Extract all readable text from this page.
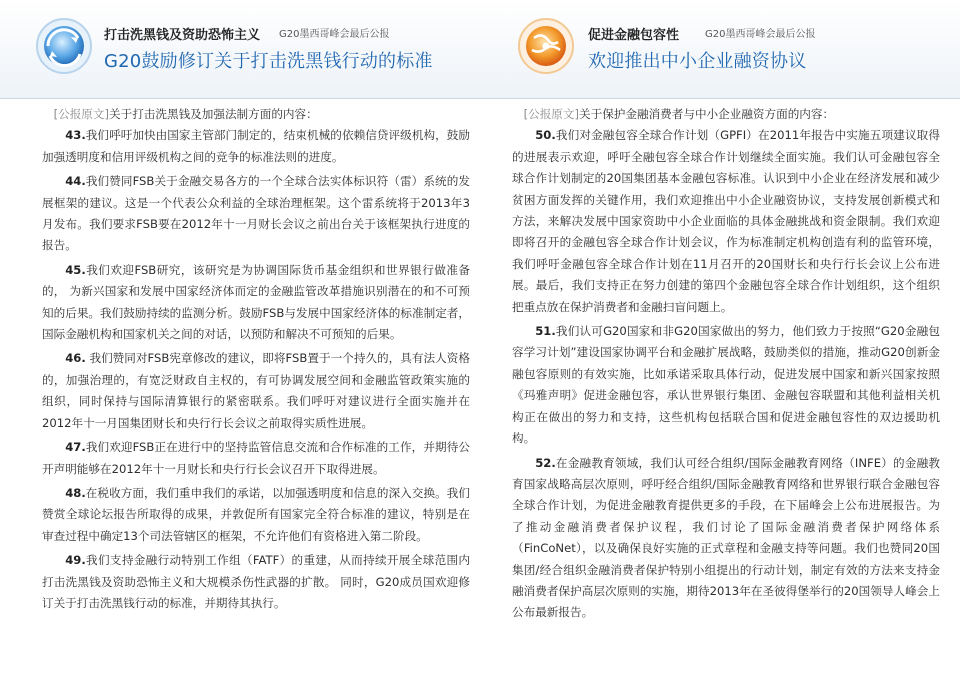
打击洗黑钱及资助恐怖主义 G20墨西哥峰会最后公报
G20鼓励修订关于打击洗黑钱行动的标准
促进金融包容性	G20墨西哥峰会最后公报
欢迎推出中小企业融资协议

[公报原文]关于打击洗黑钱及加强法制方面的内容：

43.我们呼吁加快由国家主管部门制定的，结束机械的依赖信贷评级机构，鼓励加强透明度和信用评级机构之间的竞争的标准法则的进度。

44.我们赞同FSB关于金融交易各方的一个全球合法实体标识符（雷）系统的发展框架的建议。这是一个代表公众利益的全球治理框架。这个雷系统将于2013年3月发布。我们要求FSB要在2012年十一月财长会议之前出台关于该框架执行进度的报告。

45.我们欢迎FSB研究，该研究是为协调国际货币基金组织和世界银行做准备的， 为新兴国家和发展中国家经济体而定的金融监管改革措施识别潜在的和不可预知的后果。我们鼓励持续的监测分析。鼓励FSB与发展中国家经济体的标准制定者，国际金融机构和国家机关之间的对话，以预防和解决不可预知的后果。

46. 我们赞同对FSB宪章修改的建议，即将FSB置于一个持久的，具有法人资格的，加强治理的，有宽泛财政自主权的，有可协调发展空间和金融监管政策实施的组织，同时保持与国际清算银行的紧密联系。我们呼吁对建议进行全面实施并在2012年十一月国集团财长和央行行长会议之前取得实质性进展。

47.我们欢迎FSB正在进行中的坚持监管信息交流和合作标准的工作，并期待公开声明能够在2012年十一月财长和央行行长会议召开下取得进展。

48.在税收方面，我们重申我们的承诺，以加强透明度和信息的深入交换。我们赞赏全球论坛报告所取得的成果，并敦促所有国家完全符合标准的建议，特别是在审查过程中确定13个司法管辖区的框架，不允许他们有资格进入第二阶段。

49.我们支持金融行动特别工作组（FATF）的重建，从而持续开展全球范围内打击洗黑钱及资助恐怖主义和大规模杀伤性武器的扩散。 同时，G20成员国欢迎修订关于打击洗黑钱行动的标准，并期待其执行。

[公报原文]关于保护金融消费者与中小企业融资方面的内容：

50.我们对金融包容全球合作计划（GPFI）在2011年报告中实施五项建议取得的进展表示欢迎，呼吁全融包容全球合作计划继续全面实施。我们认可金融包容全球合作计划制定的20国集团基本金融包容标准。认识到中小企业在经济发展和减少贫困方面发挥的关键作用，我们欢迎推出中小企业融资协议，支持发展创新模式和方法，来解决发展中国家资助中小企业面临的具体金融挑战和资金限制。我们欢迎即将召开的金融包容全球合作计划会议，作为标准制定机构创造有利的监管环境，我们呼吁金融包容全球合作计划在11月召开的20国财长和央行行长会议上公布进展。最后，我们支持正在努力创建的第四个金融包容全球合作计划组织，这个组织把重点放在保护消费者和金融扫盲问题上。

51.我们认可G20国家和非G20国家做出的努力，他们致力于按照“G20金融包容学习计划”建设国家协调平台和金融扩展战略，鼓励类似的措施，推动G20创新金融包容原则的有效实施，比如承诺采取具体行动，促进发展中国家和新兴国家按照《玛雅声明》促进金融包容，承认世界银行集团、金融包容联盟和其他利益相关机构正在做出的努力和支持，这些机构包括联合国和促进金融包容性的双边援助机构。

52.在金融教育领域，我们认可经合组织/国际金融教育网络（INFE）的金融教育国家战略高层次原则，呼吁经合组织/国际金融教育网络和世界银行联合金融包容全球合作计划，为促进金融教育提供更多的手段，在下届峰会上公布进展报告。为了推动金融消费者保护议程，我们讨论了国际金融消费者保护网络体系（FinCoNet），以及确保良好实施的正式章程和金融支持等问题。我们也赞同20国集团/经合组织金融消费者保护特别小组提出的行动计划，制定有效的方法来支持金融消费者保护高层次原则的实施，期待2013年在圣彼得堡举行的20国领导人峰会上公布最新报告。
